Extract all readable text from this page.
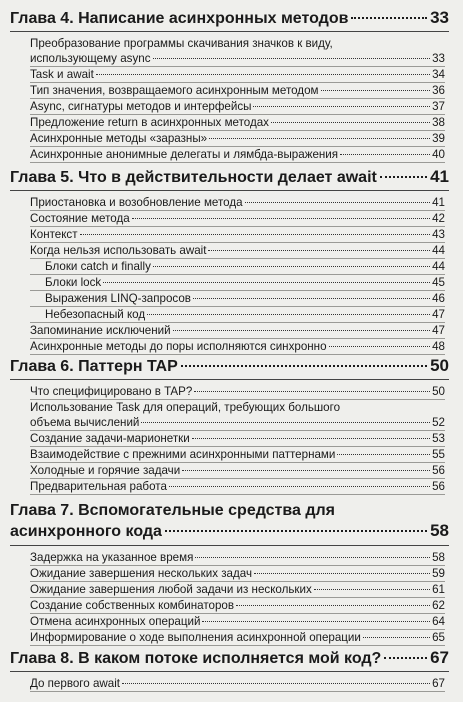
Глава 4. Написание асинхронных методов	33
Преобразование программы скачивания значков к виду,
использующему async	33
Task и await	34
Тип значения, возвращаемого асинхронным методом	36
Async, сигнатуры методов и интерфейсы	37
Предложение return в асинхронных методах	38
Асинхронные методы «заразны»	39
Асинхронные анонимные делегаты и лямбда-выражения	40
Глава 5. Что в действительности делает await	41
Приостановка и возобновление метода	41
Состояние метода	42
Контекст	43
Когда нельзя использовать await	44
Блоки catch и finally	44
Блоки lock	45
Выражения LINQ-запросов	46
Небезопасный код	47
Запоминание исключений	47
Асинхронные методы до поры исполняются синхронно	48
Глава 6. Паттерн TAP	50
Что специфицировано в TAP?	50
Использование Task для операций, требующих большого
объема вычислений	52
Создание задачи-марионетки	53
Взаимодействие с прежними асинхронными паттернами	55
Холодные и горячие задачи	56
Предварительная работа	56
Глава 7. Вспомогательные средства для
асинхронного кода	58
Задержка на указанное время	58
Ожидание завершения нескольких задач	59
Ожидание завершения любой задачи из нескольких	61
Создание собственных комбинаторов	62
Отмена асинхронных операций	64
Информирование о ходе выполнения асинхронной операции	65
Глава 8. В каком потоке исполняется мой код?	67
До первого await	67
